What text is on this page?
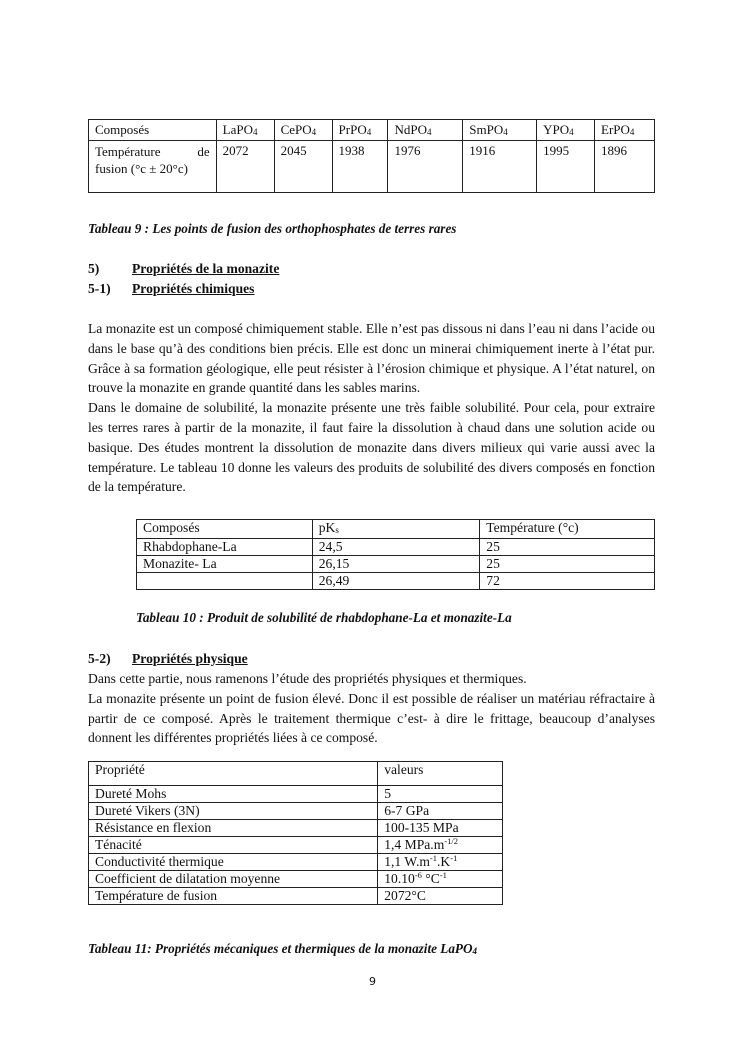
Composés	LaPO$_4$	CePO$_4$	PrPO$_4$	NdPO$_4$	SmPO$_4$	$YPO_4$	ErPO$_4$
Température de fusion (°c ± 20°c)	2072	2045	1938	1976	1916	1995	1896
Tableau 9 : Les points de fusion des orthophosphates de terres rares
5) Propriétés de la monazite
5-1) Propriétés chimiques

La monazite est un composé chimiquement stable. Elle n’est pas dissous ni dans l’eau ni dans l’acide ou dans le base qu’à des conditions bien précis. Elle est donc un minerai chimiquement inerte à l’état pur. Grâce à sa formation géologique, elle peut résister à l’érosion chimique et physique. A l’état naturel, on trouve la monazite en grande quantité dans les sables marins.

Dans le domaine de solubilité, la monazite présente une très faible solubilité. Pour cela, pour extraire les terres rares à partir de la monazite, il faut faire la dissolution à chaud dans une solution acide ou basique. Des études montrent la dissolution de monazite dans divers milieux qui varie aussi avec la température. Le tableau 10 donne les valeurs des produits de solubilité des divers composés en fonction de la température.

Composés	$pK_s$	Température (°c)
Rhabdophane-La	24,5	25
Monazite- La	26,15	25
	26,49	72
Tableau 10 : Produit de solubilité de rhabdophane-La et monazite-La
5-2) Propriétés physique

Dans cette partie, nous ramenons l’étude des propriétés physiques et thermiques.

La monazite présente un point de fusion élevé. Donc il est possible de réaliser un matériau réfractaire à partir de ce composé. Après le traitement thermique c’est- à dire le frittage, beaucoup d’analyses donnent les différentes propriétés liées à ce composé.

Propriété	valeurs
Dureté Mohs	5
Dureté Vikers (3N)	6-7 GPa
Résistance en flexion	100-135 MPa
Ténacité	1,4 $MPa.m^{-1/2}$
Conductivité thermique	1,1 $W.m^{-1}.K^{-1}$
Coefficient de dilatation moyenne	$10.10^{-6}$ $^\circ C^{-1}$
Température de fusion	2072°C
Tableau 11: Propriétés mécaniques et thermiques de la monazite LaPO$_4$
9
